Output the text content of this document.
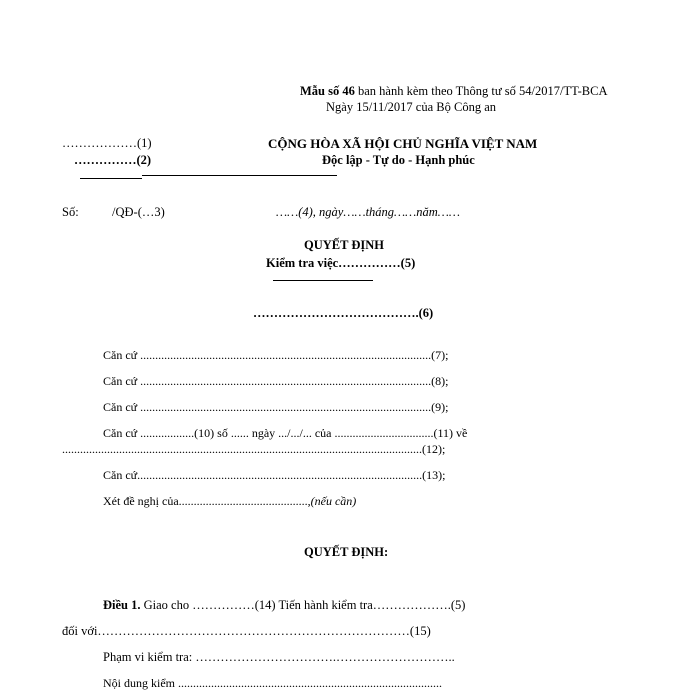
Mẫu số 46 ban hành kèm theo Thông tư số 54/2017/TT-BCA
Ngày 15/11/2017 của Bộ Công an
………………(1)
……………(2)
CỘNG HÒA XÃ HỘI CHỦ NGHĨA VIỆT NAM
Độc lập - Tự do - Hạnh phúc
Số:	/QĐ-(…3)	……(4), ngày……tháng……năm……
QUYẾT ĐỊNH
Kiểm tra việc……………(5)
………………………………….(6)
Căn cứ .................................................................................................(7);
Căn cứ .................................................................................................(8);
Căn cứ .................................................................................................(9);
Căn cứ ..................(10) số ...... ngày .../.../... của .................................(11) về
........................................................................................................................(12);
Căn cứ...............................................................................................(13);
Xét đề nghị của...........................................,(nếu cần)
QUYẾT ĐỊNH:
Điều 1. Giao cho ……………(14) Tiến hành kiểm tra……………….(5)
đối với…………………………………………………………………(15)
Phạm vi kiểm tra: …………………………….………………………..
Nội dung kiểm ........................................................................................
